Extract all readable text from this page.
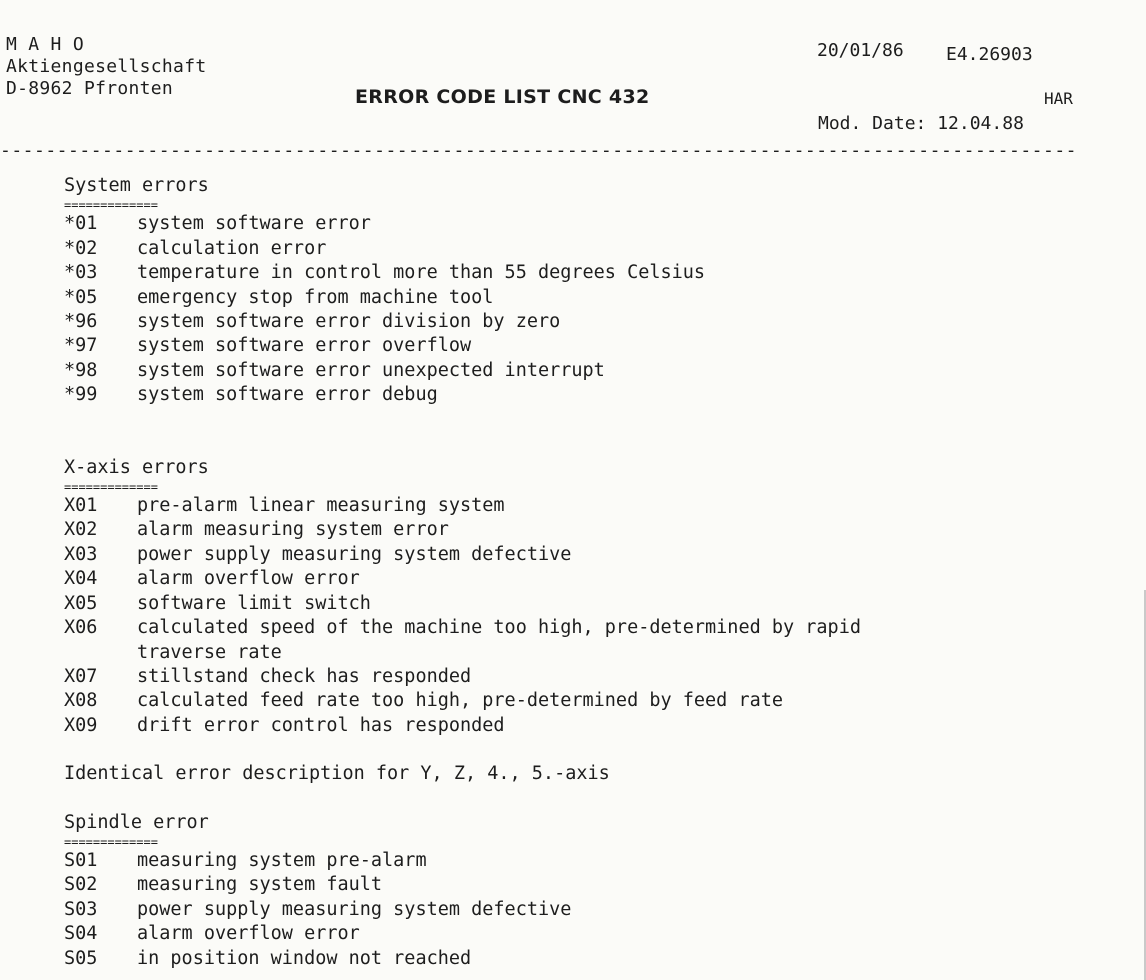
M A H O
Aktiengesellschaft
D-8962 Pfronten	ERROR CODE LIST CNC 432
20/01/86 E4.26903
HAR
Mod. Date: 12.04.88
-----------------------------------------------------------------------------------------------
System errors
=============
*01	system software error
*02	calculation error
*03	temperature in control more than 55 degrees Celsius
*05	emergency stop from machine tool
*96	system software error division by zero
*97	system software error overflow
*98	system software error unexpected interrupt
*99	system software error debug
X-axis errors
=============
X01	pre-alarm linear measuring system
X02	alarm measuring system error
X03	power supply measuring system defective
X04	alarm overflow error
X05	software limit switch
X06	calculated speed of the machine too high, pre-determined by rapid
traverse rate
X07	stillstand check has responded
X08	calculated feed rate too high, pre-determined by feed rate
X09	drift error control has responded
Identical error description for Y, Z, 4., 5.-axis
Spindle error
=============
S01	measuring system pre-alarm
S02	measuring system fault
S03	power supply measuring system defective
S04	alarm overflow error
S05	in position window not reached
